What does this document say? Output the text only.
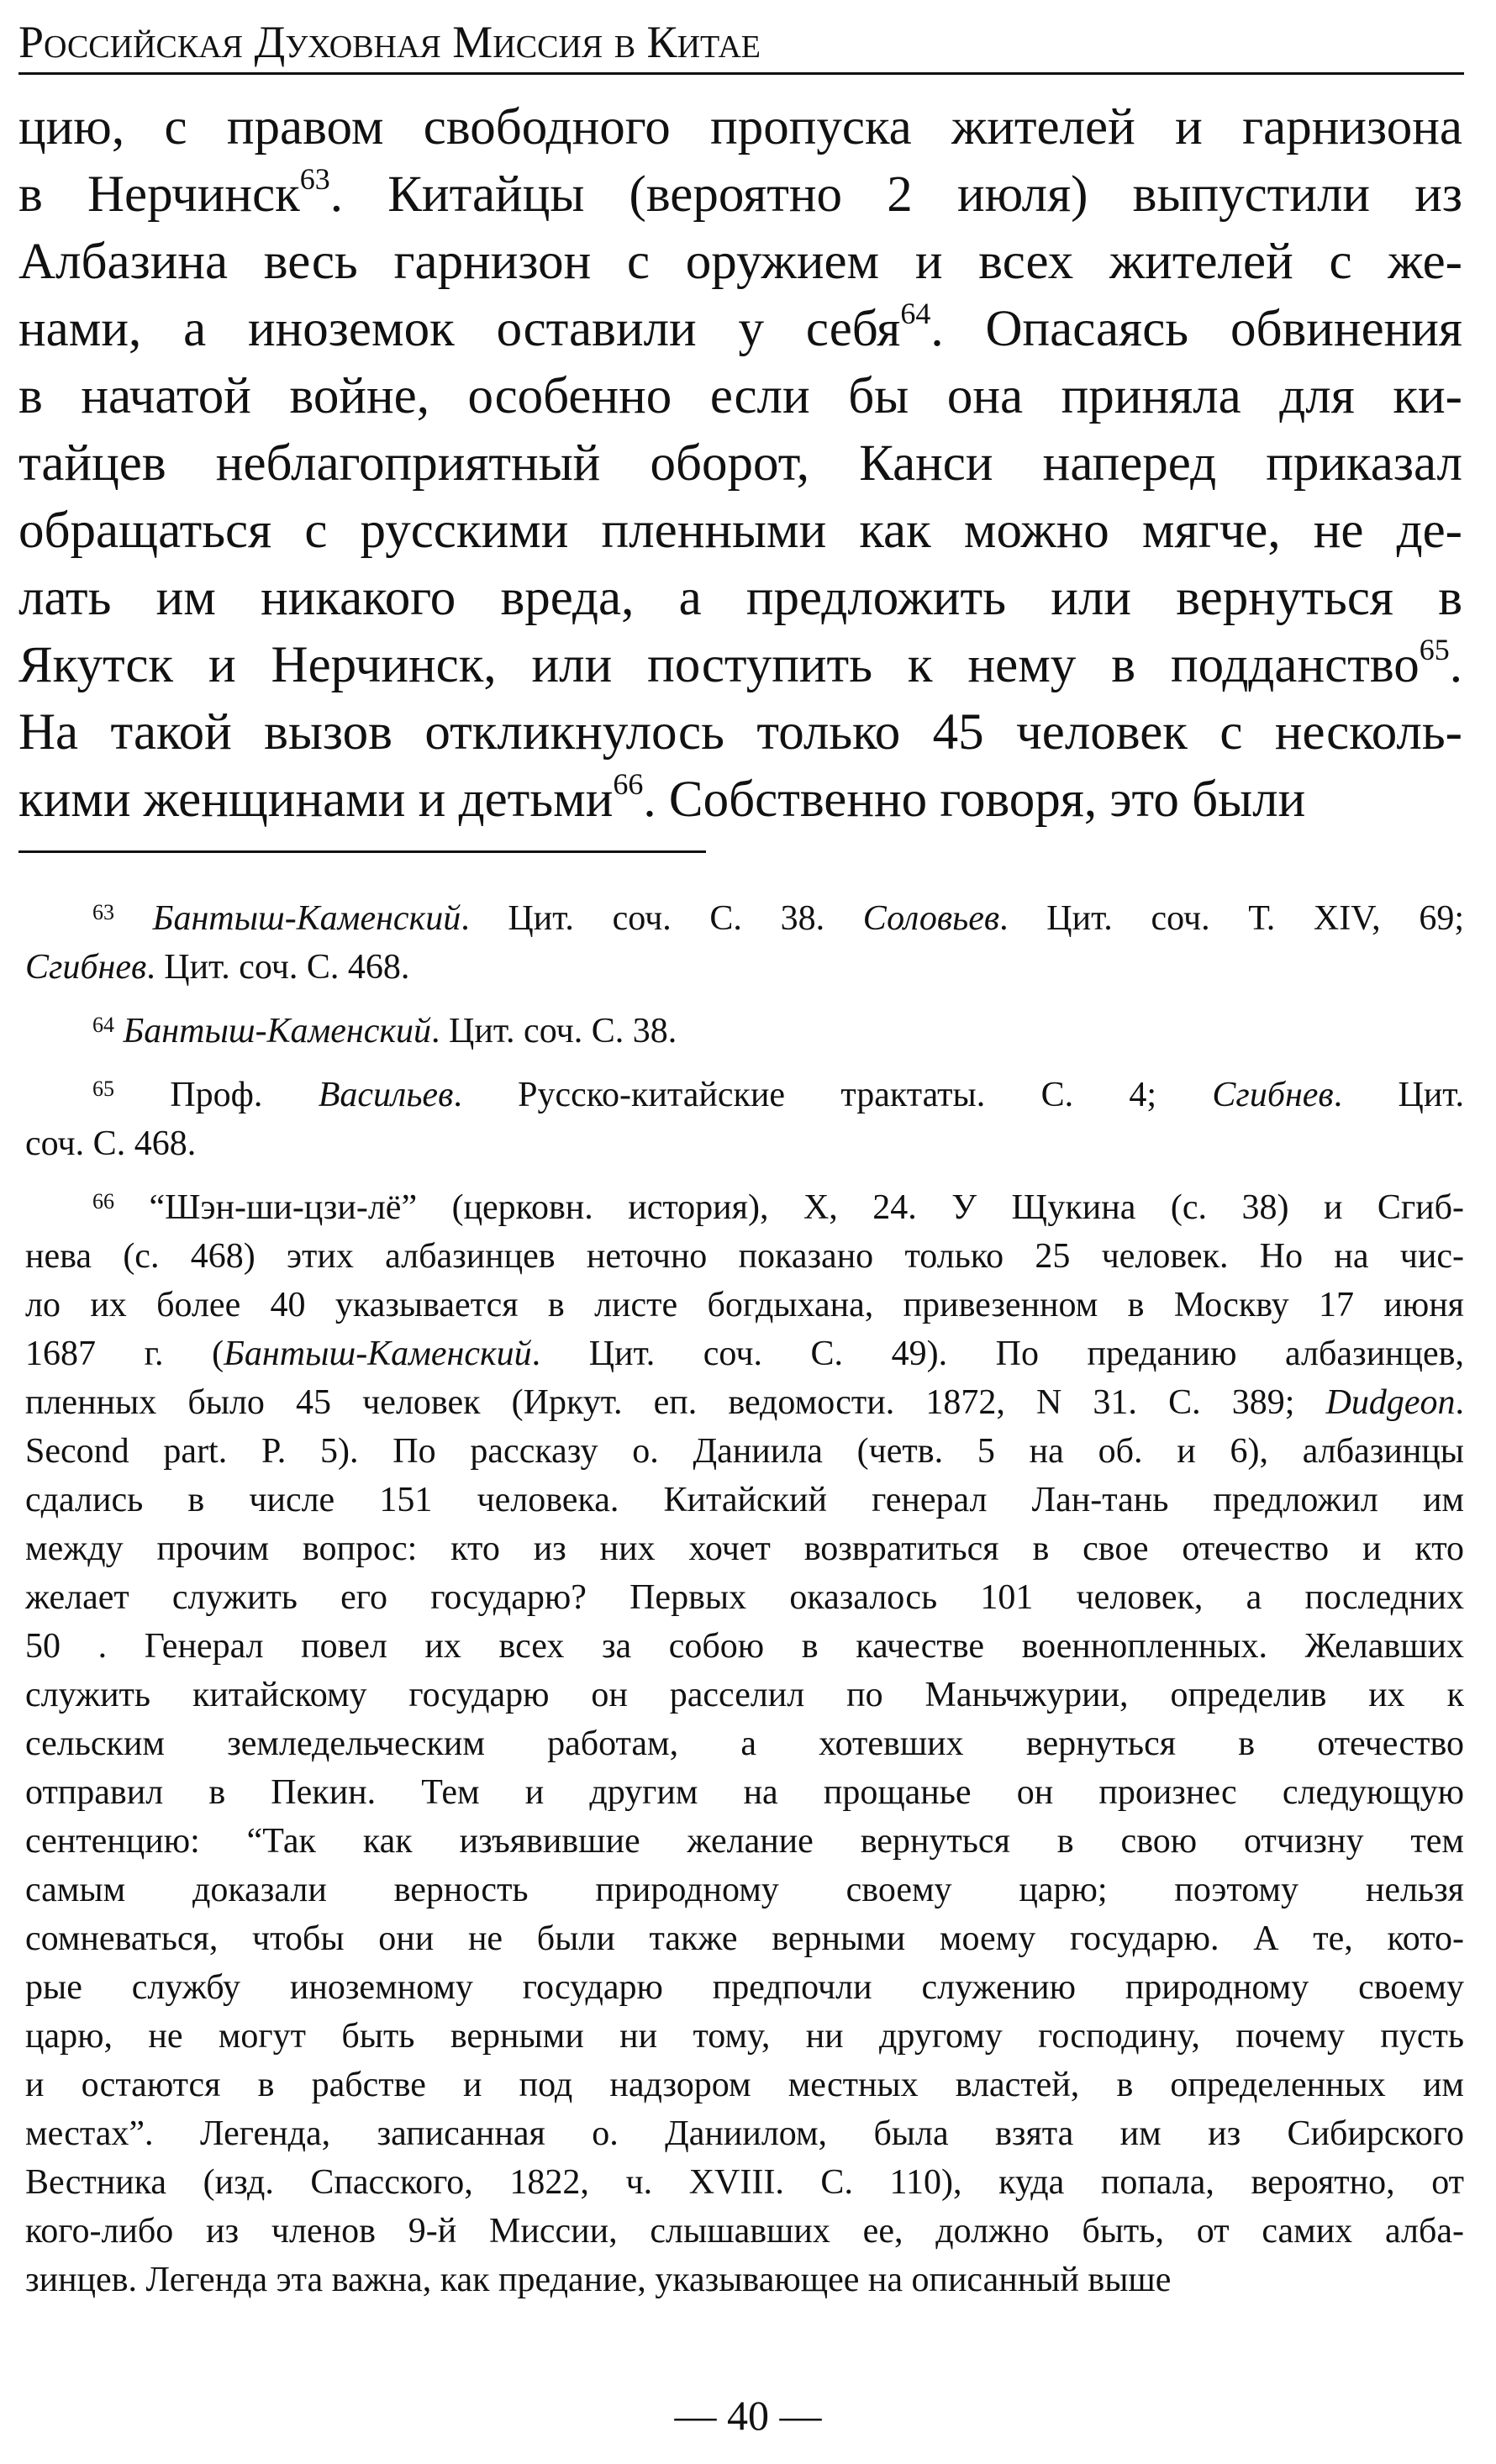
Российская Духовная Миссия в Китае
цию, с правом свободного пропуска жителей и гарнизона
в Нерчинск$^{63}$. Китайцы (вероятно 2 июля) выпустили из
Албазина весь гарнизон с оружием и всех жителей с же-
нами, а иноземок оставили у себя$^{64}$. Опасаясь обвинения
в начатой войне, особенно если бы она приняла для ки-
тайцев неблагоприятный оборот, Канси наперед приказал
обращаться с русскими пленными как можно мягче, не де-
лать им никакого вреда, а предложить или вернуться в
Якутск и Нерчинск, или поступить к нему в подданство$^{65}$.
На такой вызов откликнулось только 45 человек с несколь-
кими женщинами и детьми$^{66}$. Собственно говоря, это были
$^{63}$ Бантыш-Каменский. Цит. соч. С. 38. Соловьев. Цит. соч. Т. XIV, 69;
Сгибнев. Цит. соч. С. 468.
$^{64}$ Бантыш-Каменский. Цит. соч. С. 38.
$^{65}$ Проф. Васильев. Русско-китайские трактаты. С. 4; Сгибнев. Цит.
соч. С. 468.
$^{66}$ “Шэн-ши-цзи-лё” (церковн. история), X, 24. У Щукина (с. 38) и Сгиб-
нева (с. 468) этих албазинцев неточно показано только 25 человек. Но на чис-
ло их более 40 указывается в листе богдыхана, привезенном в Москву 17 июня
1687 г. (Бантыш-Каменский. Цит. соч. С. 49). По преданию албазинцев,
пленных было 45 человек (Иркут. еп. ведомости. 1872, N 31. С. 389; Dudgeon.
Second part. P. 5). По рассказу о. Даниила (четв. 5 на об. и 6), албазинцы
сдались в числе 151 человека. Китайский генерал Лан-тань предложил им
между прочим вопрос: кто из них хочет возвратиться в свое отечество и кто
желает служить его государю? Первых оказалось 101 человек, а последних
50 . Генерал повел их всех за собою в качестве военнопленных. Желавших
служить китайскому государю он расселил по Маньчжурии, определив их к
сельским земледельческим работам, а хотевших вернуться в отечество
отправил в Пекин. Тем и другим на прощанье он произнес следующую
сентенцию: “Так как изъявившие желание вернуться в свою отчизну тем
самым доказали верность природному своему царю; поэтому нельзя
сомневаться, чтобы они не были также верными моему государю. А те, кото-
рые службу иноземному государю предпочли служению природному своему
царю, не могут быть верными ни тому, ни другому господину, почему пусть
и остаются в рабстве и под надзором местных властей, в определенных им
местах”. Легенда, записанная о. Даниилом, была взята им из Сибирского
Вестника (изд. Спасского, 1822, ч. XVIII. С. 110), куда попала, вероятно, от
кого-либо из членов 9-й Миссии, слышавших ее, должно быть, от самих алба-
зинцев. Легенда эта важна, как предание, указывающее на описанный выше
— 40 —
